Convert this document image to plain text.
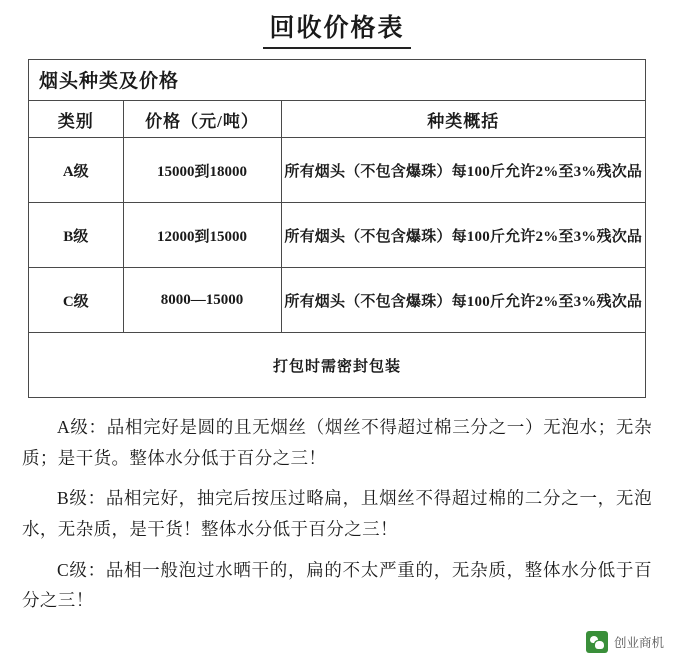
回收价格表
烟头种类及价格
类别	价格（元/吨）	种类概括
A级	15000到18000	所有烟头（不包含爆珠）每100斤允许2%至3%残次品
B级	12000到15000	所有烟头（不包含爆珠）每100斤允许2%至3%残次品
C级	8000—15000	所有烟头（不包含爆珠）每100斤允许2%至3%残次品
打包时需密封包装		

A级：品相完好是圆的且无烟丝（烟丝不得超过棉三分之一）无泡水；无杂质；是干货。整体水分低于百分之三！

B级：品相完好，抽完后按压过略扁，且烟丝不得超过棉的二分之一，无泡水，无杂质，是干货！整体水分低于百分之三！

C级：品相一般泡过水晒干的，扁的不太严重的，无杂质，整体水分低于百分之三！

创业商机
